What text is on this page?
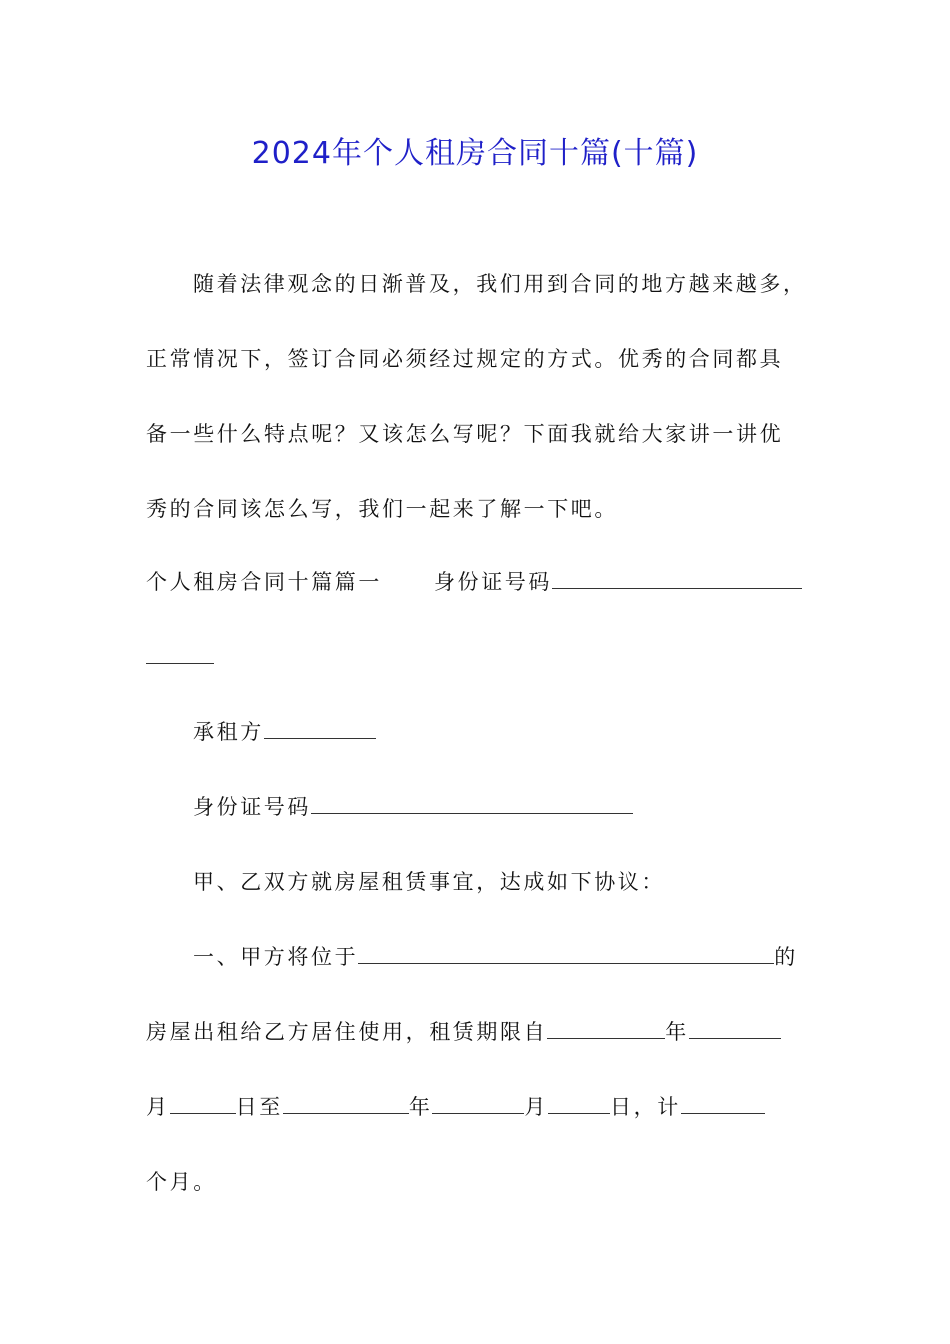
2024年个人租房合同十篇(十篇)
随着法律观念的日渐普及，我们用到合同的地方越来越多，
正常情况下，签订合同必须经过规定的方式。优秀的合同都具
备一些什么特点呢？又该怎么写呢？下面我就给大家讲一讲优
秀的合同该怎么写，我们一起来了解一下吧。
个人租房合同十篇篇一 身份证号码
承租方
身份证号码
甲、乙双方就房屋租赁事宜，达成如下协议：
一、甲方将位于	的
房屋出租给乙方居住使用，租赁期限自	年
月	日至	年	月	日，计
个月。
